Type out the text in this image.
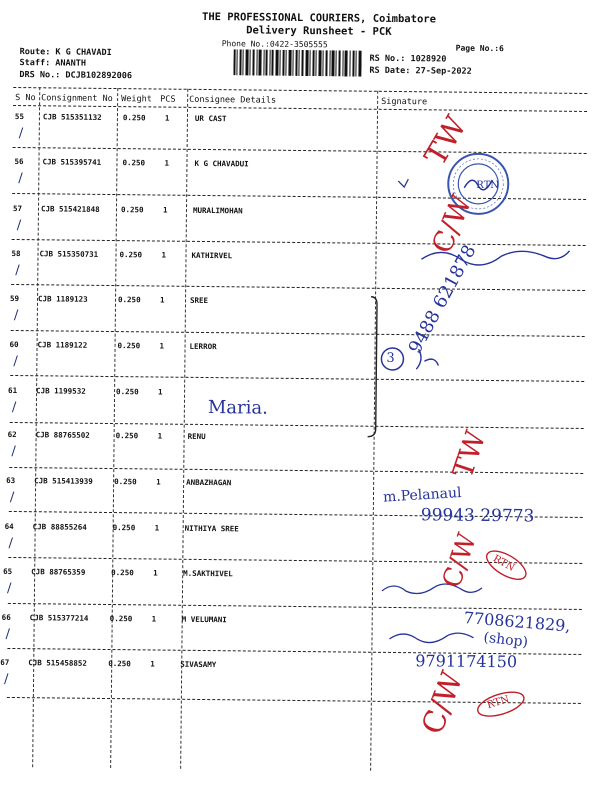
THE PROFESSIONAL COURIERS, Coimbatore
Delivery Runsheet - PCK
Phone No.:0422-3505555	Page No.:6
Route: K G CHAVADI
Staff: ANANTH
DRS No.: DCJB102892006
RS No.: 1028920
RS Date: 27-Sep-2022
S No Consignment No Weight PCS Consignee Details	Signature
55	CJB 515351132	0.250	1	UR CAST
∕
56	CJB 515395741	0.250	1	K G CHAVADUI
∕
57	CJB 515421848	0.250	1	MURALIMOHAN
∕
58	CJB 515350731	0.250	1	KATHIRVEL
∕
59	CJB 1189123	0.250	1	SREE
∕
60	CJB 1189122	0.250	1	LERROR
∕
61	CJB 1199532	0.250	1
∕
62	CJB 88765502	0.250	1	RENU
∕
63	CJB 515413939	0.250	1	ANBAZHAGAN
∕
64	CJB 88855264	0.250	1	NITHIYA SREE
∕
65	CJB 88765359	0.250	1	M.SAKTHIVEL
∕
66	CJB 515377214	0.250	1	M VELUMANI
∕
67	CJB 515458852	0.250	1	SIVASAMY
∕
TW
C/W
RTN
3
9488 621878
Maria.
TW
m.Pelanaul
99943 29773
C/W RTN
7708621829,
(shop)
9791174150
C/W RTN
